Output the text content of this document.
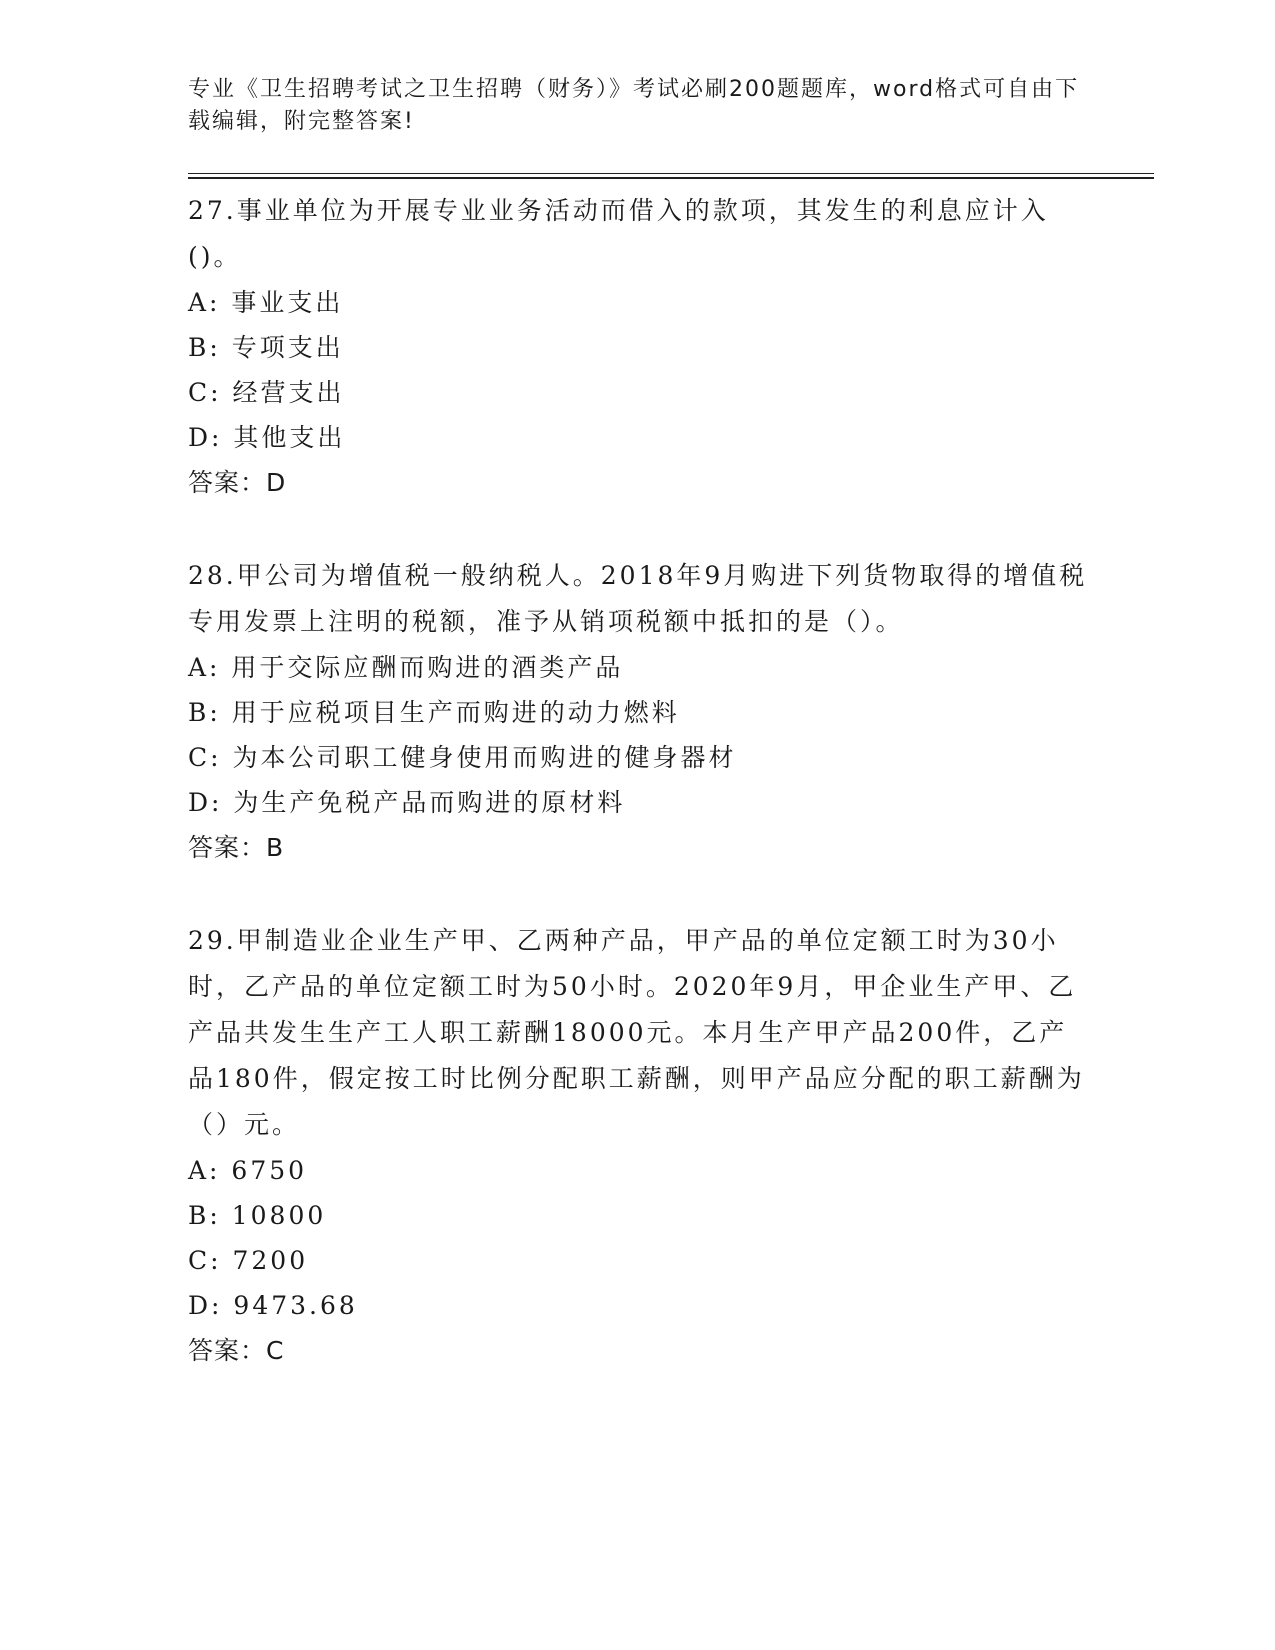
专业《卫生招聘考试之卫生招聘（财务）》考试必刷200题题库，word格式可自由下载编辑，附完整答案!

27.事业单位为开展专业业务活动而借入的款项，其发生的利息应计入()。

A: 事业支出

B: 专项支出

C: 经营支出

D: 其他支出

答案：D

28.甲公司为增值税一般纳税人。2018年9月购进下列货物取得的增值税专用发票上注明的税额，准予从销项税额中抵扣的是（）。

A: 用于交际应酬而购进的酒类产品

B: 用于应税项目生产而购进的动力燃料

C: 为本公司职工健身使用而购进的健身器材

D: 为生产免税产品而购进的原材料

答案：B

29.甲制造业企业生产甲、乙两种产品，甲产品的单位定额工时为30小时，乙产品的单位定额工时为50小时。2020年9月，甲企业生产甲、乙产品共发生生产工人职工薪酬18000元。本月生产甲产品200件，乙产品180件，假定按工时比例分配职工薪酬，则甲产品应分配的职工薪酬为（）元。

A: 6750

B: 10800

C: 7200

D: 9473.68

答案：C
